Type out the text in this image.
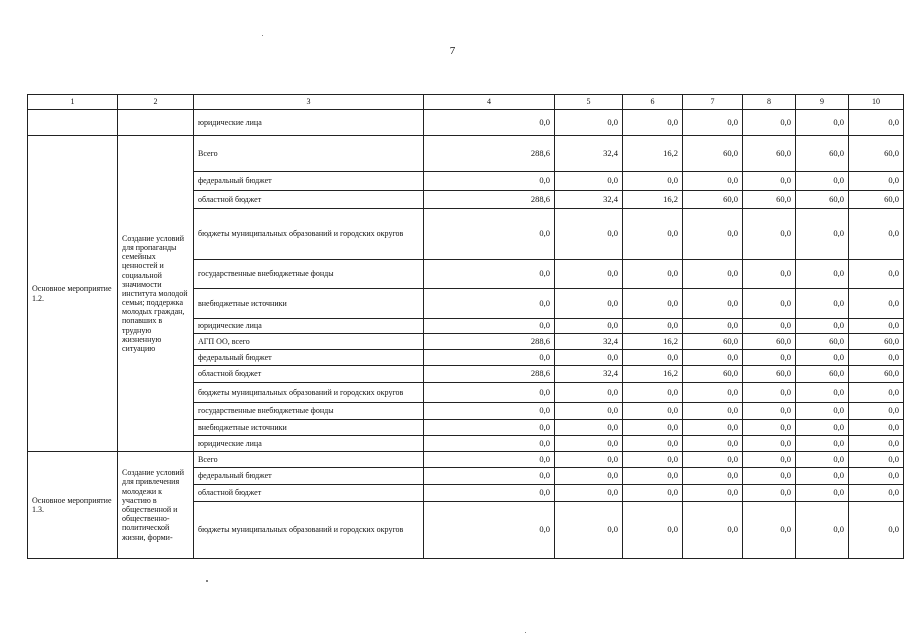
7
1	2	3	4	5	6	7	8	9	10
		юридические лица	0,0	0,0	0,0	0,0	0,0	0,0	0,0
Основное мероприятие 1.2.	Создание условий для пропаганды семейных ценностей и социальной значимости института молодой семьи; поддержка молодых граждан, попавших в трудную жизненную ситуацию	Всего	288,6	32,4	16,2	60,0	60,0	60,0	60,0
		федеральный бюджет	0,0	0,0	0,0	0,0	0,0	0,0	0,0
		областной бюджет	288,6	32,4	16,2	60,0	60,0	60,0	60,0
		бюджеты муниципальных образований и городских округов	0,0	0,0	0,0	0,0	0,0	0,0	0,0
		государственные внебюджетные фонды	0,0	0,0	0,0	0,0	0,0	0,0	0,0
		внебюджетные источники	0,0	0,0	0,0	0,0	0,0	0,0	0,0
		юридические лица	0,0	0,0	0,0	0,0	0,0	0,0	0,0
		АГП ОО, всего	288,6	32,4	16,2	60,0	60,0	60,0	60,0
		федеральный бюджет	0,0	0,0	0,0	0,0	0,0	0,0	0,0
		областной бюджет	288,6	32,4	16,2	60,0	60,0	60,0	60,0
		бюджеты муниципальных образований и городских округов	0,0	0,0	0,0	0,0	0,0	0,0	0,0
		государственные внебюджетные фонды	0,0	0,0	0,0	0,0	0,0	0,0	0,0
		внебюджетные источники	0,0	0,0	0,0	0,0	0,0	0,0	0,0
		юридические лица	0,0	0,0	0,0	0,0	0,0	0,0	0,0
Основное мероприятие 1.3.	Создание условий для привлечения молодежи к участию в общественной и общественно-политической жизни, форми-	Всего	0,0	0,0	0,0	0,0	0,0	0,0	0,0
		федеральный бюджет	0,0	0,0	0,0	0,0	0,0	0,0	0,0
		областной бюджет	0,0	0,0	0,0	0,0	0,0	0,0	0,0
		бюджеты муниципальных образований и городских округов	0,0	0,0	0,0	0,0	0,0	0,0	0,0
